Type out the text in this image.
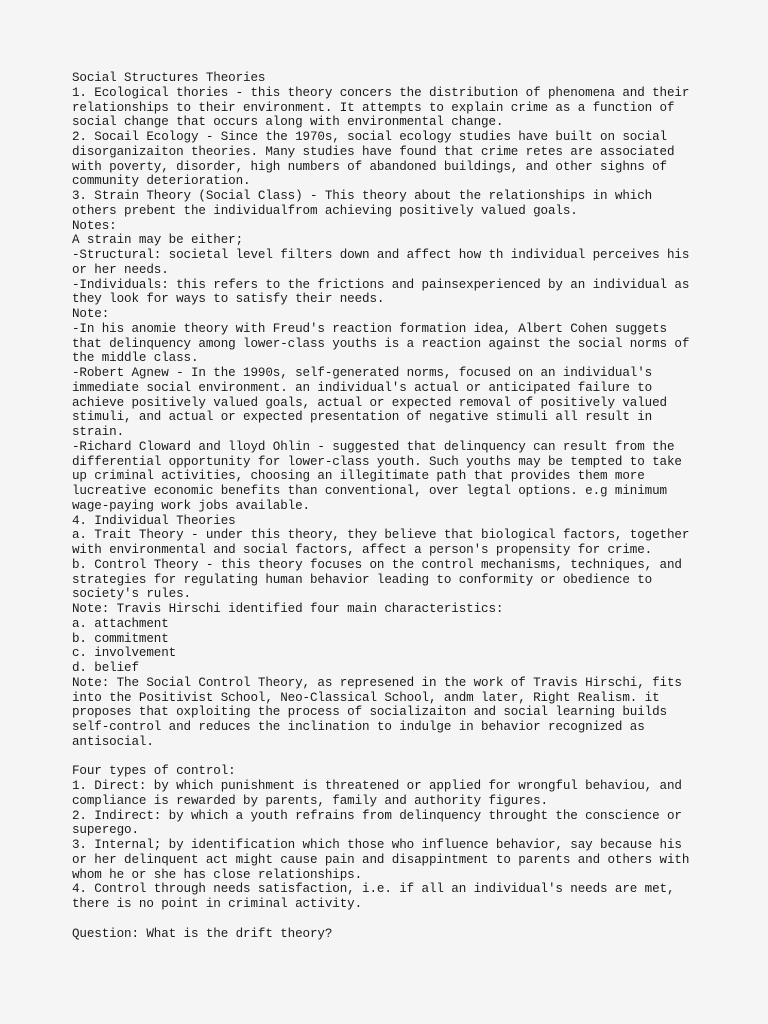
Social Structures Theories
1. Ecological thories - this theory concers the distribution of phenomena and their
relationships to their environment. It attempts to explain crime as a function of
social change that occurs along with environmental change.
2. Socail Ecology - Since the 1970s, social ecology studies have built on social
disorganizaiton theories. Many studies have found that crime retes are associated
with poverty, disorder, high numbers of abandoned buildings, and other sighns of
community deterioration.
3. Strain Theory (Social Class) - This theory about the relationships in which
others prebent the individualfrom achieving positively valued goals.
Notes:
A strain may be either;
-Structural: societal level filters down and affect how th individual perceives his
or her needs.
-Individuals: this refers to the frictions and painsexperienced by an individual as
they look for ways to satisfy their needs.
Note:
-In his anomie theory with Freud's reaction formation idea, Albert Cohen suggets
that delinquency among lower-class youths is a reaction against the social norms of
the middle class.
-Robert Agnew - In the 1990s, self-generated norms, focused on an individual's
immediate social environment. an individual's actual or anticipated failure to
achieve positively valued goals, actual or expected removal of positively valued
stimuli, and actual or expected presentation of negative stimuli all result in
strain.
-Richard Cloward and lloyd Ohlin - suggested that delinquency can result from the
differential opportunity for lower-class youth. Such youths may be tempted to take
up criminal activities, choosing an illegitimate path that provides them more
lucreative economic benefits than conventional, over legtal options. e.g minimum
wage-paying work jobs available.
4. Individual Theories
a. Trait Theory - under this theory, they believe that biological factors, together
with environmental and social factors, affect a person's propensity for crime.
b. Control Theory - this theory focuses on the control mechanisms, techniques, and
strategies for regulating human behavior leading to conformity or obedience to
society's rules.
Note: Travis Hirschi identified four main characteristics:
a. attachment
b. commitment
c. involvement
d. belief
Note: The Social Control Theory, as represened in the work of Travis Hirschi, fits
into the Positivist School, Neo-Classical School, andm later, Right Realism. it
proposes that oxploiting the process of socializaiton and social learning builds
self-control and reduces the inclination to indulge in behavior recognized as
antisocial.
Four types of control:
1. Direct: by which punishment is threatened or applied for wrongful behaviou, and
compliance is rewarded by parents, family and authority figures.
2. Indirect: by which a youth refrains from delinquency throught the conscience or
superego.
3. Internal; by identification which those who influence behavior, say because his
or her delinquent act might cause pain and disappintment to parents and others with
whom he or she has close relationships.
4. Control through needs satisfaction, i.e. if all an individual's needs are met,
there is no point in criminal activity.
Question: What is the drift theory?
